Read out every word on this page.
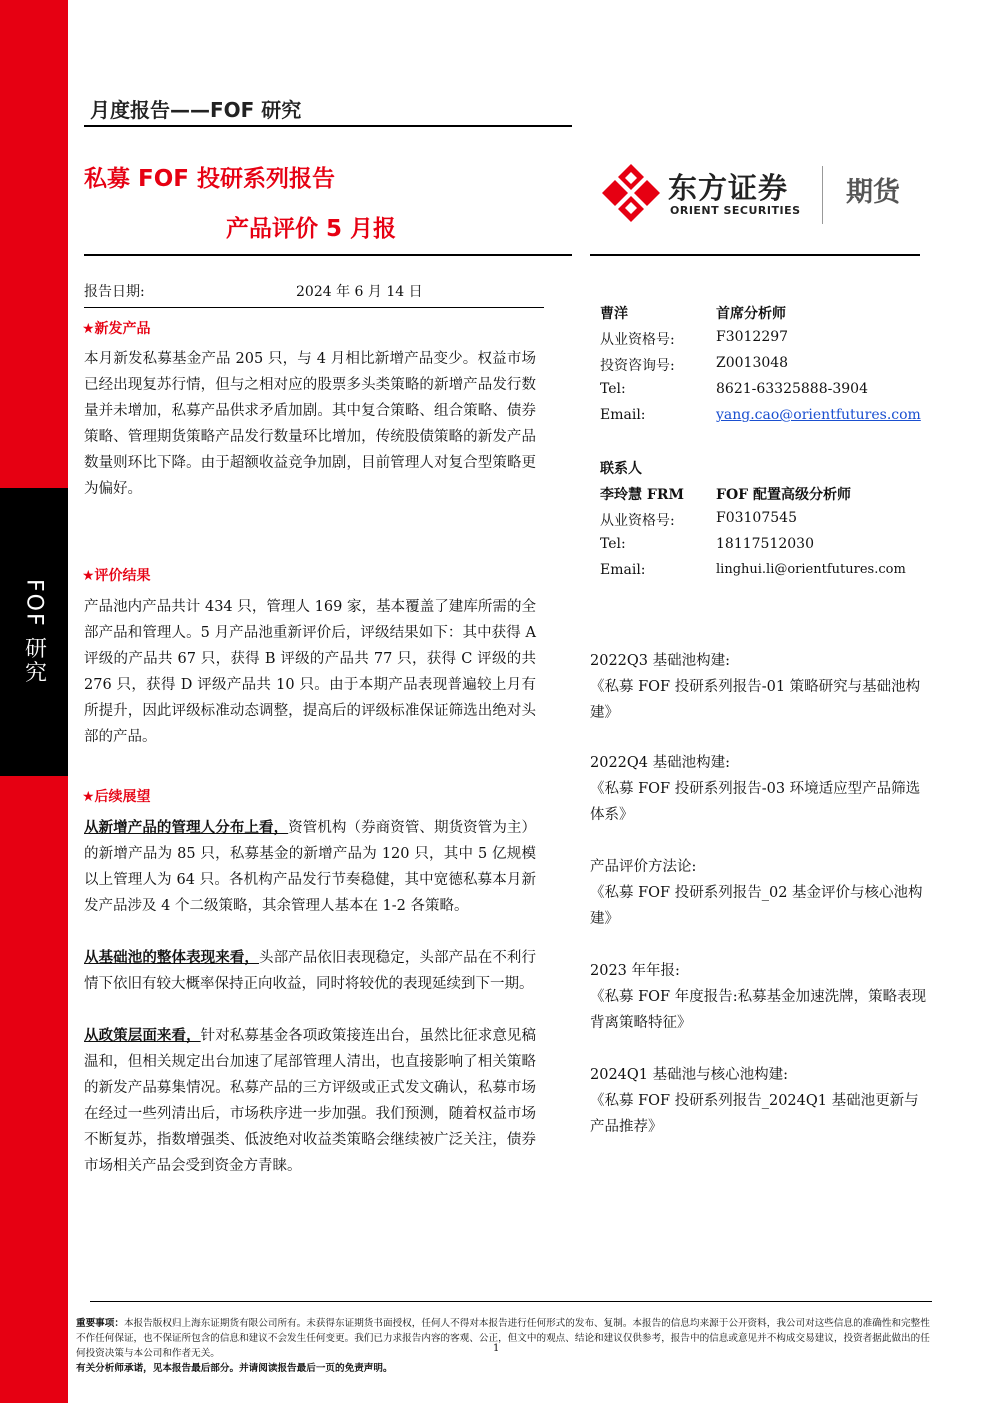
FOF 研究
月度报告——FOF 研究
私募 FOF 投研系列报告
产品评价 5 月报
东方证券
ORIENT SECURITIES
期货
报告日期:	2024 年 6 月 14 日
★新发产品
本月新发私募基金产品 205 只，与 4 月相比新增产品变少。权益市场已经出现复苏行情，但与之相对应的股票多头类策略的新增产品发行数量并未增加，私募产品供求矛盾加剧。其中复合策略、组合策略、债券策略、管理期货策略产品发行数量环比增加，传统股债策略的新发产品数量则环比下降。由于超额收益竞争加剧，目前管理人对复合型策略更为偏好。
★评价结果
产品池内产品共计 434 只，管理人 169 家，基本覆盖了建库所需的全部产品和管理人。5 月产品池重新评价后，评级结果如下：其中获得 A 评级的产品共 67 只，获得 B 评级的产品共 77 只，获得 C 评级的共 276 只，获得 D 评级产品共 10 只。由于本期产品表现普遍较上月有所提升，因此评级标准动态调整，提高后的评级标准保证筛选出绝对头部的产品。
★后续展望
从新增产品的管理人分布上看，资管机构（券商资管、期货资管为主）的新增产品为 85 只，私募基金的新增产品为 120 只，其中 5 亿规模以上管理人为 64 只。各机构产品发行节奏稳健，其中宽德私募本月新发产品涉及 4 个二级策略，其余管理人基本在 1-2 各策略。
从基础池的整体表现来看，头部产品依旧表现稳定，头部产品在不利行情下依旧有较大概率保持正向收益，同时将较优的表现延续到下一期。
从政策层面来看，针对私募基金各项政策接连出台，虽然比征求意见稿温和，但相关规定出台加速了尾部管理人清出，也直接影响了相关策略的新发产品募集情况。私募产品的三方评级或正式发文确认，私募市场在经过一些列清出后，市场秩序进一步加强。我们预测，随着权益市场不断复苏，指数增强类、低波绝对收益类策略会继续被广泛关注，债券市场相关产品会受到资金方青睐。
曹洋	首席分析师
从业资格号:	F3012297
投资咨询号:	Z0013048
Tel:	8621-63325888-3904
Email:	yang.cao@orientfutures.com
联系人
李玲慧 FRM	FOF 配置高级分析师
从业资格号:	F03107545
Tel:	18117512030
Email:	linghui.li@orientfutures.com
2022Q3 基础池构建:
《私募 FOF 投研系列报告-01 策略研究与基础池构建》
2022Q4 基础池构建:
《私募 FOF 投研系列报告-03 环境适应型产品筛选体系》
产品评价方法论:
《私募 FOF 投研系列报告_02 基金评价与核心池构建》
2023 年年报:
《私募 FOF 年度报告:私募基金加速洗牌，策略表现背离策略特征》
2024Q1 基础池与核心池构建:
《私募 FOF 投研系列报告_2024Q1 基础池更新与产品推荐》
重要事项：本报告版权归上海东证期货有限公司所有。未获得东证期货书面授权，任何人不得对本报告进行任何形式的发布、复制。本报告的信息均来源于公开资料，我公司对这些信息的准确性和完整性不作任何保证，也不保证所包含的信息和建议不会发生任何变更。我们已力求报告内容的客观、公正，但文中的观点、结论和建议仅供参考，报告中的信息或意见并不构成交易建议，投资者据此做出的任何投资决策与本公司和作者无关。
有关分析师承诺，见本报告最后部分。并请阅读报告最后一页的免责声明。
1
